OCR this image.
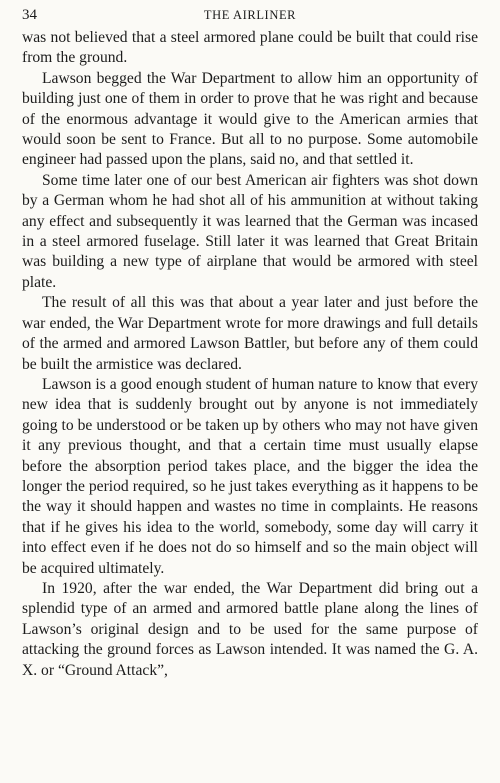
34	THE AIRLINER

was not believed that a steel armored plane could be built that could rise from the ground.

Lawson begged the War Department to allow him an opportunity of building just one of them in order to prove that he was right and because of the enormous advantage it would give to the American armies that would soon be sent to France. But all to no purpose. Some automobile engineer had passed upon the plans, said no, and that settled it.

Some time later one of our best American air fighters was shot down by a German whom he had shot all of his ammunition at without taking any effect and subsequently it was learned that the German was incased in a steel armored fuselage. Still later it was learned that Great Britain was building a new type of airplane that would be armored with steel plate.

The result of all this was that about a year later and just before the war ended, the War Department wrote for more drawings and full details of the armed and armored Lawson Battler, but before any of them could be built the armistice was declared.

Lawson is a good enough student of human nature to know that every new idea that is suddenly brought out by anyone is not immediately going to be understood or be taken up by others who may not have given it any previous thought, and that a certain time must usually elapse before the absorption period takes place, and the bigger the idea the longer the period required, so he just takes everything as it happens to be the way it should happen and wastes no time in complaints. He reasons that if he gives his idea to the world, somebody, some day will carry it into effect even if he does not do so himself and so the main object will be acquired ultimately.

In 1920, after the war ended, the War Department did bring out a splendid type of an armed and armored battle plane along the lines of Lawson’s original design and to be used for the same purpose of attacking the ground forces as Lawson intended. It was named the G. A. X. or “Ground Attack”,
